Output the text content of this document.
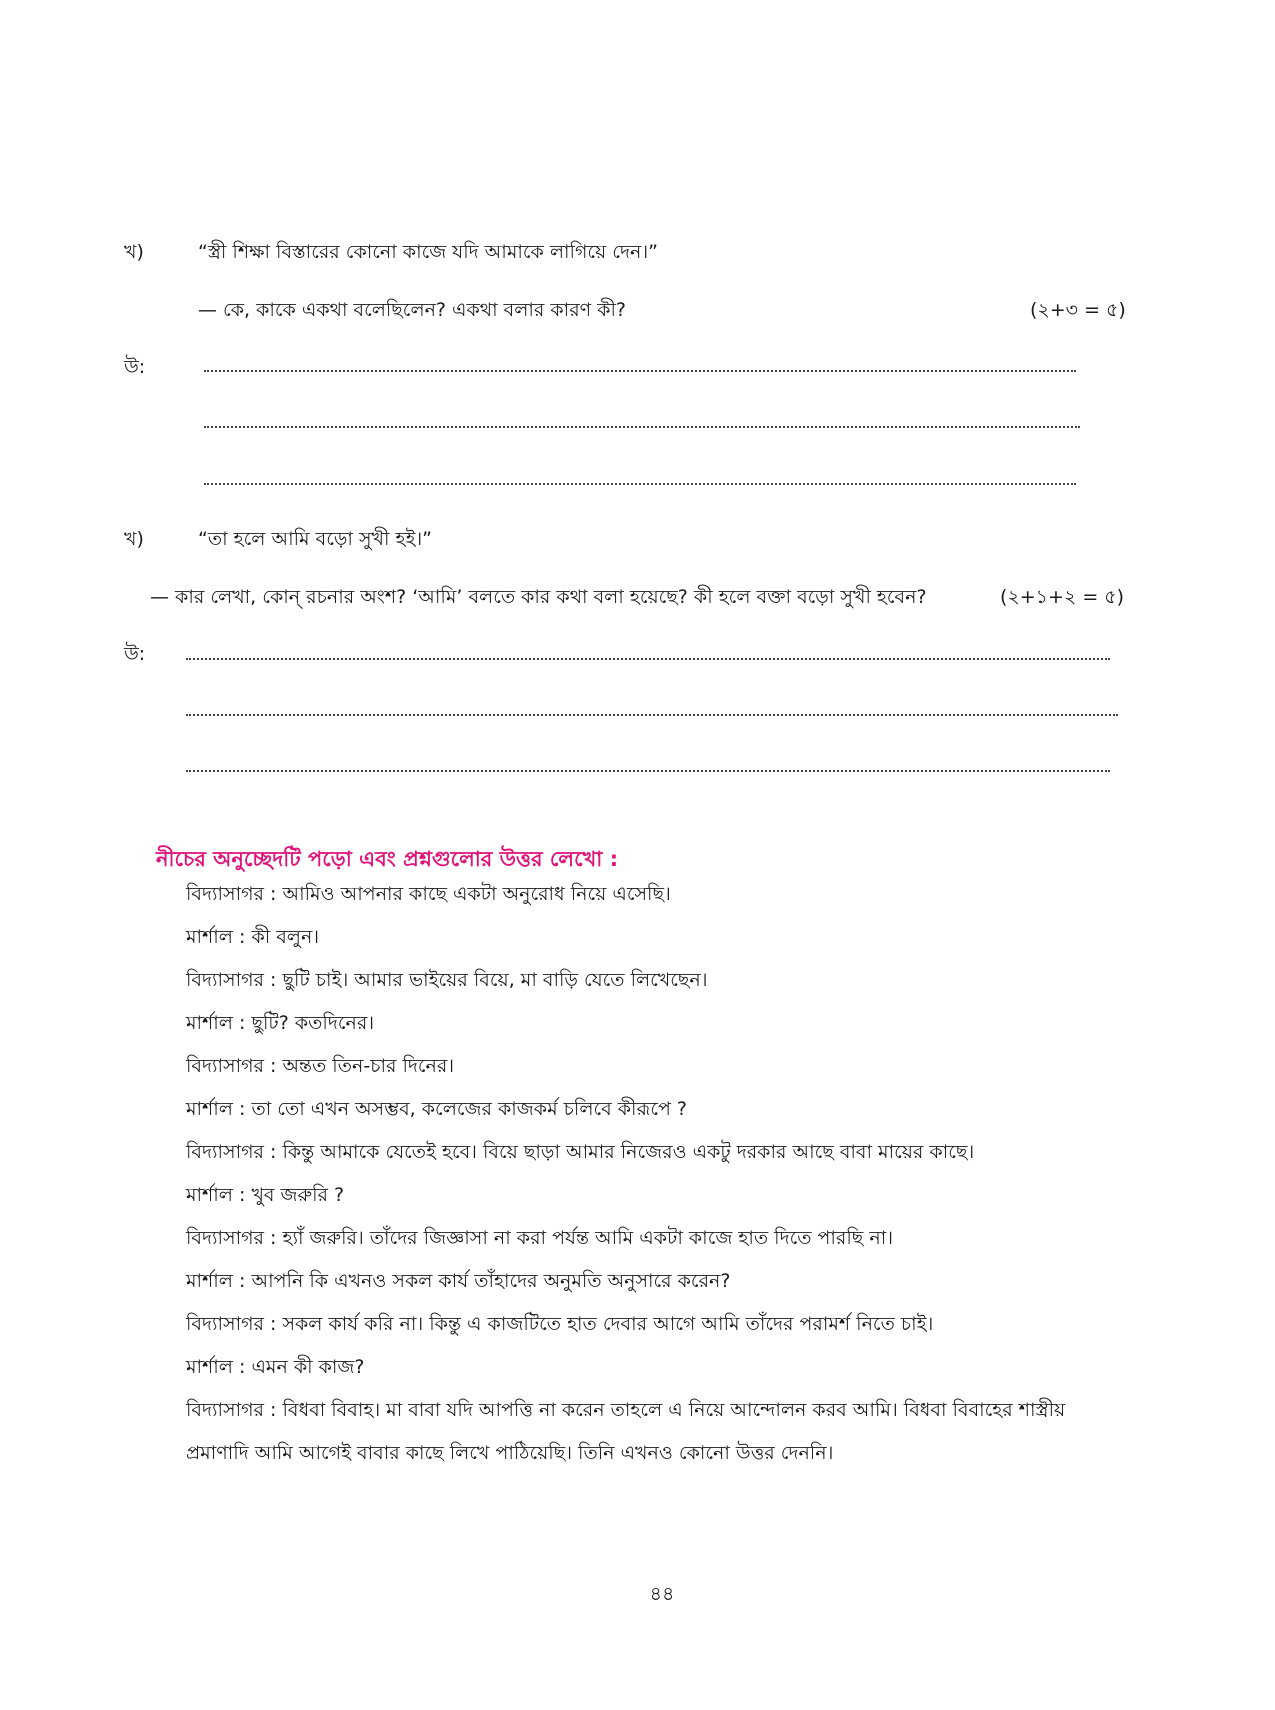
খ)	“স্ত্রী শিক্ষা বিস্তারের কোনো কাজে যদি আমাকে লাগিয়ে দেন।”
— কে, কাকে একথা বলেছিলেন? একথা বলার কারণ কী?	(২+৩ = ৫)
উ:
খ)	“তা হলে আমি বড়ো সুখী হই।”
— কার লেখা, কোন্ রচনার অংশ? ‘আমি’ বলতে কার কথা বলা হয়েছে? কী হলে বক্তা বড়ো সুখী হবেন?	(২+১+২ = ৫)
উ:
নীচের অনুচ্ছেদটি পড়ো এবং প্রশ্নগুলোর উত্তর লেখো :
বিদ্যাসাগর : আমিও আপনার কাছে একটা অনুরোধ নিয়ে এসেছি।
মার্শাল : কী বলুন।
বিদ্যাসাগর : ছুটি চাই। আমার ভাইয়ের বিয়ে, মা বাড়ি যেতে লিখেছেন।
মার্শাল : ছুটি? কতদিনের।
বিদ্যাসাগর : অন্তত তিন-চার দিনের।
মার্শাল : তা তো এখন অসম্ভব, কলেজের কাজকর্ম চলিবে কীরূপে ?
বিদ্যাসাগর : কিন্তু আমাকে যেতেই হবে। বিয়ে ছাড়া আমার নিজেরও একটু দরকার আছে বাবা মায়ের কাছে।
মার্শাল : খুব জরুরি ?
বিদ্যাসাগর : হ্যাঁ জরুরি। তাঁদের জিজ্ঞাসা না করা পর্যন্ত আমি একটা কাজে হাত দিতে পারছি না।
মার্শাল : আপনি কি এখনও সকল কার্য তাঁহাদের অনুমতি অনুসারে করেন?
বিদ্যাসাগর : সকল কার্য করি না। কিন্তু এ কাজটিতে হাত দেবার আগে আমি তাঁদের পরামর্শ নিতে চাই।
মার্শাল : এমন কী কাজ?
বিদ্যাসাগর : বিধবা বিবাহ। মা বাবা যদি আপত্তি না করেন তাহলে এ নিয়ে আন্দোলন করব আমি। বিধবা বিবাহের শাস্ত্রীয়
প্রমাণাদি আমি আগেই বাবার কাছে লিখে পাঠিয়েছি। তিনি এখনও কোনো উত্তর দেননি।
৪৪
